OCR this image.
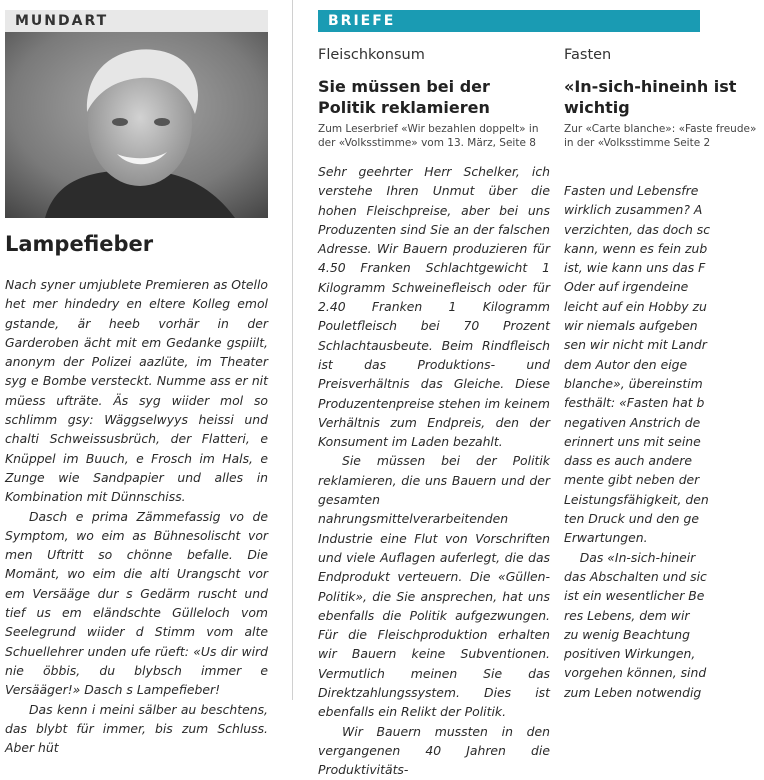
MUNDART
Lampefieber

Nach syner umjublete Premieren as Otello het mer hindedry en eltere Kolleg emol gstande, är heeb vorhär in der Garderoben ächt mit em Gedanke gspiilt, anonym der Polizei aazlüte, im Theater syg e Bombe versteckt. Numme ass er nit müess ufträte. Äs syg wiider mol so schlimm gsy: Wäggselwyys heissi und chalti Schweissusbrüch, der Flatteri, e Knüppel im Buuch, e Frosch im Hals, e Zunge wie Sandpapier und alles in Kombination mit Dünnschiss.

Dasch e prima Zämmefassig vo de Symptom, wo eim as Bühnesolischt vor men Uftritt so chönne befalle. Die Momänt, wo eim die alti Urangscht vor em Versääge dur s Gedärm ruscht und tief us em eländschte Gülleloch vom Seelegrund wiider d Stimm vom alte Schuellehrer unden ufe rüeft: «Us dir wird nie öbbis, du blybsch immer e Versääger!» Dasch s Lampefieber!

Das kenn i meini sälber au beschtens, das blybt für immer, bis zum Schluss. Aber hüt

BRIEFE

Fleischkonsum

Sie müssen bei der Politik reklamieren

Zum Leserbrief «Wir bezahlen doppelt» in der «Volksstimme» vom 13. März, Seite 8

Sehr geehrter Herr Schelker, ich verstehe Ihren Unmut über die hohen Fleischpreise, aber bei uns Produzenten sind Sie an der falschen Adresse. Wir Bauern produzieren für 4.50 Franken Schlachtgewicht 1 Kilogramm Schweinefleisch oder für 2.40 Franken 1 Kilogramm Pouletfleisch bei 70 Prozent Schlachtausbeute. Beim Rindfleisch ist das Produktions- und Preisverhältnis das Gleiche. Diese Produzentenpreise stehen im keinem Verhältnis zum Endpreis, den der Konsument im Laden bezahlt.

Sie müssen bei der Politik reklamieren, die uns Bauern und der gesamten nahrungsmittelverarbeitenden Industrie eine Flut von Vorschriften und viele Auflagen auferlegt, die das Endprodukt verteuern. Die «Güllen-Politik», die Sie ansprechen, hat uns ebenfalls die Politik aufgezwungen. Für die Fleischproduktion erhalten wir Bauern keine Subventionen. Vermutlich meinen Sie das Direktzahlungssystem. Dies ist ebenfalls ein Relikt der Politik.

Wir Bauern mussten in den vergangenen 40 Jahren die Produktivitäts-

Fasten

«In-sich-hineinh ist wichtig

Zur «Carte blanche»: «Faste freude» in der «Volksstimme Seite 2

Fasten und Lebensfre

wirklich zusammen? A

verzichten, das doch sc

kann, wenn es fein zub

ist, wie kann uns das F

Oder auf irgendeine

leicht auf ein Hobby zu

wir niemals aufgeben

sen wir nicht mit Landr

dem Autor den eige

blanche», übereinstim

festhält: «Fasten hat b

negativen Anstrich de

erinnert uns mit seine

dass es auch andere

mente gibt neben der

Leistungsfähigkeit, den

ten Druck und den ge

Erwartungen.

Das «In-sich-hineir

das Abschalten und sic

ist ein wesentlicher Be

res Lebens, dem wir

zu wenig Beachtung

positiven Wirkungen,

vorgehen können, sind

zum Leben notwendig
